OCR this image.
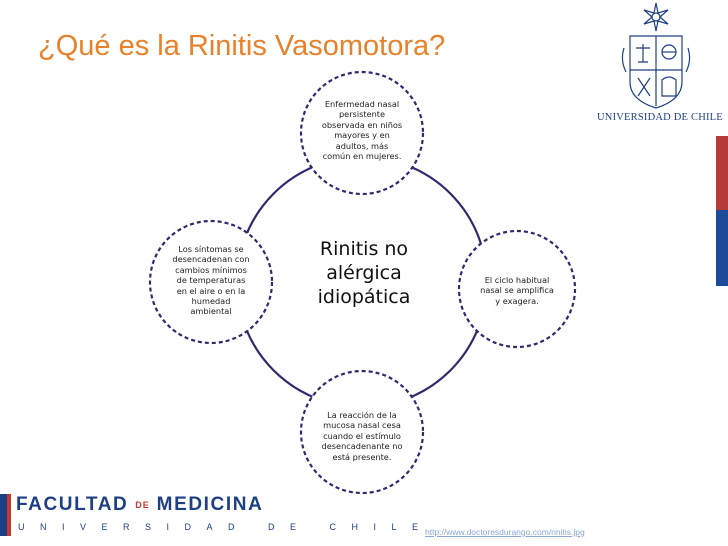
¿Qué es la Rinitis Vasomotora?
Rinitis no
alérgica
idiopática
Enfermedad nasal
persistente
observada en niños
mayores y en
adultos, más
común en mujeres.
El ciclo habitual
nasal se amplifica
y exagera.
La reacción de la
mucosa nasal cesa
cuando el estímulo
desencadenante no
está presente.
Los síntomas se
desencadenan con
cambios mínimos
de temperaturas
en el aire o en la
humedad
ambiental
UNIVERSIDAD DE CHILE
FACULTAD DE MEDICINA
UNIVERSIDAD DE CHILE
http://www.doctoresdurango.com/rinitis.jpg
